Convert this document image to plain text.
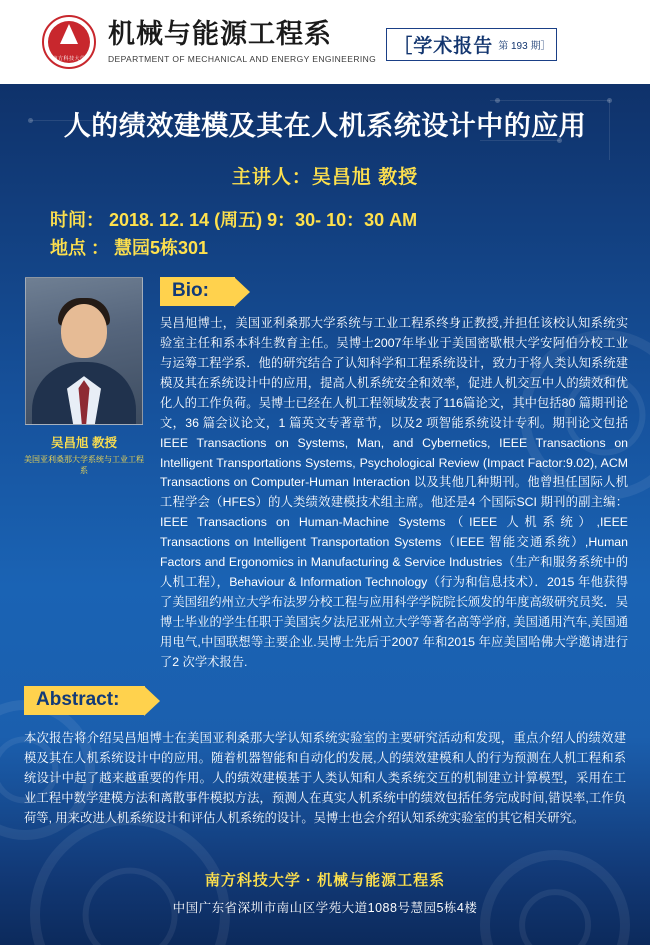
南方科技大学
机械与能源工程系
DEPARTMENT OF MECHANICAL AND ENERGY ENGINEERING
［学术报告 第 193 期］
人的绩效建模及其在人机系统设计中的应用
主讲人：吴昌旭 教授
时间： 2018. 12. 14 (周五) 9：30- 10：30 AM
地点 ： 慧园5栋301
吴昌旭 教授
美国亚利桑那大学系统与工业工程系
Bio:
吴昌旭博士，美国亚利桑那大学系统与工业工程系终身正教授,并担任该校认知系统实验室主任和系本科生教育主任。吴博士2007年毕业于美国密歇根大学安阿伯分校工业与运筹工程学系．他的研究结合了认知科学和工程系统设计，致力于将人类认知系统建模及其在系统设计中的应用，提高人机系统安全和效率，促进人机交互中人的绩效和优化人的工作负荷。吴博士已经在人机工程领域发表了116篇论文，其中包括80 篇期刊论文，36 篇会议论文，1 篇英文专著章节，以及2 项智能系统设计专利。期刊论文包括IEEE Transactions on Systems, Man, and Cybernetics, IEEE Transactions on Intelligent Transportations Systems, Psychological Review (Impact Factor:9.02), ACM Transactions on Computer-Human Interaction 以及其他几种期刊。他曾担任国际人机工程学会（HFES）的人类绩效建模技术组主席。他还是4 个国际SCI 期刊的副主编：IEEE Transactions on Human-Machine Systems（IEEE 人机系统）,IEEE Transactions on Intelligent Transportation Systems（IEEE 智能交通系统）,Human Factors and Ergonomics in Manufacturing & Service Industries（生产和服务系统中的人机工程），Behaviour & Information Technology（行为和信息技术）．2015 年他获得了美国纽约州立大学布法罗分校工程与应用科学学院院长颁发的年度高级研究员奖．吴博士毕业的学生任职于美国宾夕法尼亚州立大学等著名高等学府, 美国通用汽车,美国通用电气,中国联想等主要企业.吴博士先后于2007 年和2015 年应美国哈佛大学邀请进行了2 次学术报告.
Abstract:
本次报告将介绍吴昌旭博士在美国亚利桑那大学认知系统实验室的主要研究活动和发现，重点介绍人的绩效建模及其在人机系统设计中的应用。随着机器智能和自动化的发展,人的绩效建模和人的行为预测在人机工程和系统设计中起了越来越重要的作用。人的绩效建模基于人类认知和人类系统交互的机制建立计算模型，采用在工业工程中数学建模方法和离散事件模拟方法，预测人在真实人机系统中的绩效包括任务完成时间,错误率,工作负荷等, 用来改进人机系统设计和评估人机系统的设计。吴博士也会介绍认知系统实验室的其它相关研究。
南方科技大学 · 机械与能源工程系
中国广东省深圳市南山区学苑大道1088号慧园5栋4楼
